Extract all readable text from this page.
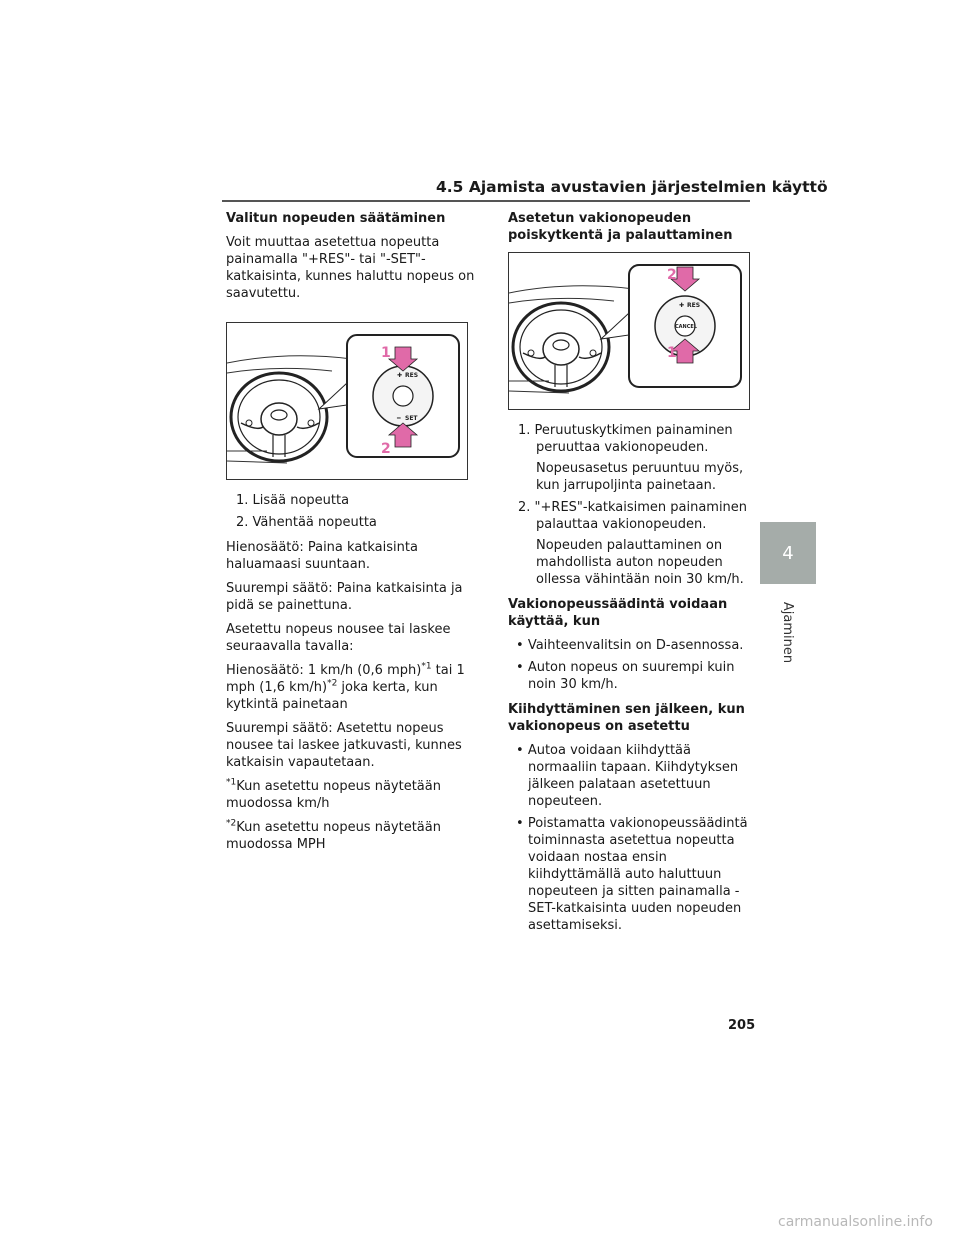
4.5 Ajamista avustavien järjestelmien käyttö

Valitun nopeuden säätäminen

Voit muuttaa asetettua nopeutta painamalla "+RES"- tai "-SET"-katkaisinta, kunnes haluttu nopeus on saavutettu.

✚ RES
━ SET
1
2
1. Lisää nopeutta
2. Vähentää nopeutta

Hienosäätö: Paina katkaisinta haluamaasi suuntaan.

Suurempi säätö: Paina katkaisinta ja pidä se painettuna.

Asetettu nopeus nousee tai laskee seuraavalla tavalla:

Hienosäätö: 1 km/h (0,6 mph)$^{*1}$ tai 1 mph (1,6 km/h)$^{*2}$ joka kerta, kun kytkintä painetaan

Suurempi säätö: Asetettu nopeus nousee tai laskee jatkuvasti, kunnes katkaisin vapautetaan.

$^{*1}$Kun asetettu nopeus näytetään muodossa km/h

$^{*2}$Kun asetettu nopeus näytetään muodossa MPH

Asetetun vakionopeuden poiskytkentä ja palauttaminen

CANCEL
✚ RES
2
1
1. Peruutuskytkimen painaminen peruuttaa vakionopeuden.
Nopeusasetus peruuntuu myös, kun jarrupoljinta painetaan.
2. "+RES"-katkaisimen painaminen palauttaa vakionopeuden.
Nopeuden palauttaminen on mahdollista auton nopeuden ollessa vähintään noin 30 km/h.

Vakionopeussäädintä voidaan käyttää, kun

• Vaihteenvalitsin on D-asennossa.
• Auton nopeus on suurempi kuin noin 30 km/h.

Kiihdyttäminen sen jälkeen, kun vakionopeus on asetettu

• Autoa voidaan kiihdyttää normaaliin tapaan. Kiihdytyksen jälkeen palataan asetettuun nopeuteen.
• Poistamatta vakionopeussäädintä toiminnasta asetettua nopeutta voidaan nostaa ensin kiihdyttämällä auto haluttuun nopeuteen ja sitten painamalla -SET-katkaisinta uuden nopeuden asettamiseksi.
4
Ajaminen
205
carmanualsonline.info
